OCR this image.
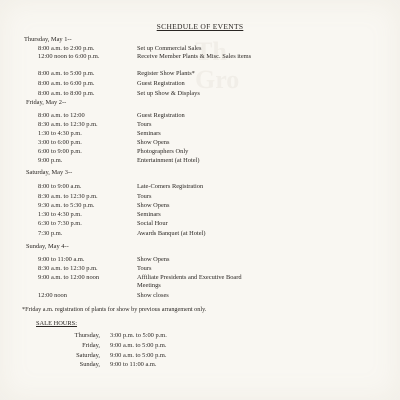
Th
Gro
SCHEDULE OF EVENTS
Thursday, May 1--
8:00 a.m. to 2:00 p.m.	Set up Commercial Sales
12:00 noon to 6:00 p.m.	Receive Member Plants & Misc. Sales items
8:00 a.m. to 5:00 p.m.	Register Show Plants*
8:00 a.m. to 6:00 p.m.	Guest Registration
8:00 a.m. to 8:00 p.m.	Set up Show & Displays
Friday, May 2--
8:00 a.m. to 12:00	Guest Registration
8:30 a.m. to 12:30 p.m.	Tours
1:30 to 4:30 p.m.	Seminars
3:00 to 6:00 p.m.	Show Opens
6:00 to 9:00 p.m.	Photographers Only
9:00 p.m.	Entertainment (at Hotel)
Saturday, May 3--
8:00 to 9:00 a.m.	Late-Comers Registration
8:30 a.m. to 12:30 p.m.	Tours
9:30 a.m. to 5:30 p.m.	Show Opens
1:30 to 4:30 p.m.	Seminars
6:30 to 7:30 p.m.	Social Hour
7:30 p.m.	Awards Banquet (at Hotel)
Sunday, May 4--
9:00 to 11:00 a.m.	Show Opens
8:30 a.m. to 12:30 p.m.	Tours
9:00 a.m. to 12:00 noon	Affiliate Presidents and Executive Board Meetings
12:00 noon	Show closes
*Friday a.m. registration of plants for show by previous arrangement only.
SALE HOURS:
Thursday, 3:00 p.m. to 5:00 p.m.
Friday, 9:00 a.m. to 5:00 p.m.
Saturday, 9:00 a.m. to 5:00 p.m.
Sunday, 9:00 to 11:00 a.m.
